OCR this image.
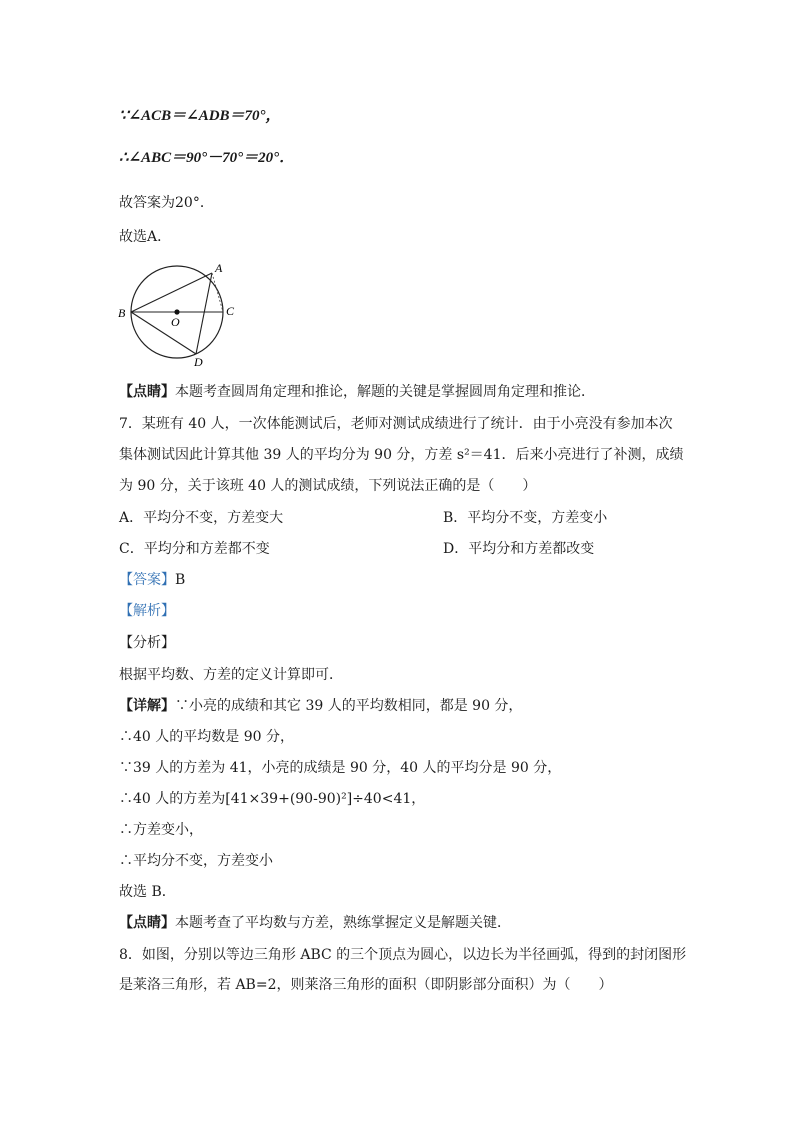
∵∠ACB＝∠ADB＝70°，
∴∠ABC＝90°－70°＝20°．
故答案为20°．
故选A．
A
B	C
D
O
【点睛】本题考查圆周角定理和推论，解题的关键是掌握圆周角定理和推论．
7．某班有 40 人，一次体能测试后，老师对测试成绩进行了统计．由于小亮没有参加本次
集体测试因此计算其他 39 人的平均分为 90 分，方差 s²＝41．后来小亮进行了补测，成绩
为 90 分，关于该班 40 人的测试成绩，下列说法正确的是（　　）
A．平均分不变，方差变大	B．平均分不变，方差变小
C．平均分和方差都不变	D．平均分和方差都改变
【答案】B
【解析】
【分析】
根据平均数、方差的定义计算即可．
【详解】∵小亮的成绩和其它 39 人的平均数相同，都是 90 分，
∴40 人的平均数是 90 分，
∵39 人的方差为 41，小亮的成绩是 90 分，40 人的平均分是 90 分，
∴40 人的方差为[41×39+(90-90)²]÷40<41，
∴方差变小，
∴平均分不变，方差变小
故选 B．
【点睛】本题考查了平均数与方差，熟练掌握定义是解题关键．
8．如图，分别以等边三角形 ABC 的三个顶点为圆心，以边长为半径画弧，得到的封闭图形
是莱洛三角形，若 AB=2，则莱洛三角形的面积（即阴影部分面积）为（　　）
